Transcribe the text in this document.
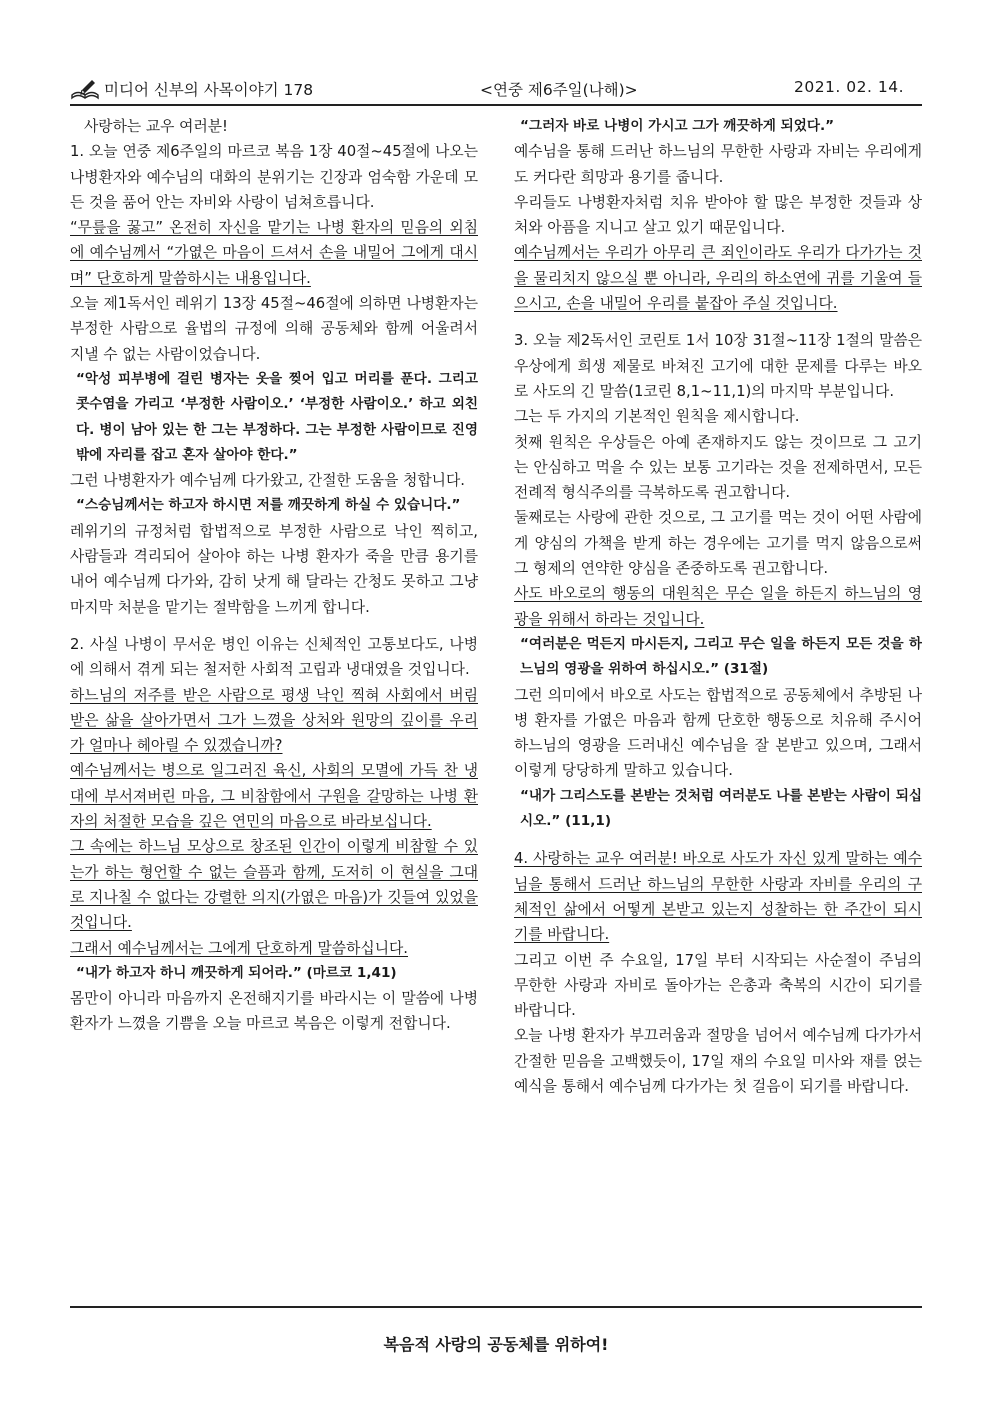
미디어 신부의 사목이야기 178	<연중 제6주일(나해)>	2021. 02. 14.

사랑하는 교우 여러분!

1. 오늘 연중 제6주일의 마르코 복음 1장 40절~45절에 나오는 나병환자와 예수님의 대화의 분위기는 긴장과 엄숙함 가운데 모든 것을 품어 안는 자비와 사랑이 넘쳐흐릅니다.

“무릎을 꿇고” 온전히 자신을 맡기는 나병 환자의 믿음의 외침에 예수님께서 “가엾은 마음이 드셔서 손을 내밀어 그에게 대시며” 단호하게 말씀하시는 내용입니다.

오늘 제1독서인 레위기 13장 45절~46절에 의하면 나병환자는 부정한 사람으로 율법의 규정에 의해 공동체와 함께 어울려서 지낼 수 없는 사람이었습니다.

“악성 피부병에 걸린 병자는 옷을 찢어 입고 머리를 푼다. 그리고 콧수염을 가리고 ‘부정한 사람이오.’ ‘부정한 사람이오.’ 하고 외친다. 병이 남아 있는 한 그는 부정하다. 그는 부정한 사람이므로 진영 밖에 자리를 잡고 혼자 살아야 한다.”

그런 나병환자가 예수님께 다가왔고, 간절한 도움을 청합니다.

“스승님께서는 하고자 하시면 저를 깨끗하게 하실 수 있습니다.”

레위기의 규정처럼 합법적으로 부정한 사람으로 낙인 찍히고, 사람들과 격리되어 살아야 하는 나병 환자가 죽을 만큼 용기를 내어 예수님께 다가와, 감히 낫게 해 달라는 간청도 못하고 그냥 마지막 처분을 맡기는 절박함을 느끼게 합니다.

2. 사실 나병이 무서운 병인 이유는 신체적인 고통보다도, 나병에 의해서 겪게 되는 철저한 사회적 고립과 냉대였을 것입니다.

하느님의 저주를 받은 사람으로 평생 낙인 찍혀 사회에서 버림받은 삶을 살아가면서 그가 느꼈을 상처와 원망의 깊이를 우리가 얼마나 헤아릴 수 있겠습니까?

예수님께서는 병으로 일그러진 육신, 사회의 모멸에 가득 찬 냉대에 부서져버린 마음, 그 비참함에서 구원을 갈망하는 나병 환자의 처절한 모습을 깊은 연민의 마음으로 바라보십니다.

그 속에는 하느님 모상으로 창조된 인간이 이렇게 비참할 수 있는가 하는 형언할 수 없는 슬픔과 함께, 도저히 이 현실을 그대로 지나칠 수 없다는 강렬한 의지(가엾은 마음)가 깃들여 있었을 것입니다.

그래서 예수님께서는 그에게 단호하게 말씀하십니다.

“내가 하고자 하니 깨끗하게 되어라.” (마르코 1,41)

몸만이 아니라 마음까지 온전해지기를 바라시는 이 말씀에 나병환자가 느꼈을 기쁨을 오늘 마르코 복음은 이렇게 전합니다.

“그러자 바로 나병이 가시고 그가 깨끗하게 되었다.”

예수님을 통해 드러난 하느님의 무한한 사랑과 자비는 우리에게도 커다란 희망과 용기를 줍니다.

우리들도 나병환자처럼 치유 받아야 할 많은 부정한 것들과 상처와 아픔을 지니고 살고 있기 때문입니다.

예수님께서는 우리가 아무리 큰 죄인이라도 우리가 다가가는 것을 물리치지 않으실 뿐 아니라, 우리의 하소연에 귀를 기울여 들으시고, 손을 내밀어 우리를 붙잡아 주실 것입니다.

3. 오늘 제2독서인 코린토 1서 10장 31절~11장 1절의 말씀은 우상에게 희생 제물로 바쳐진 고기에 대한 문제를 다루는 바오로 사도의 긴 말씀(1코린 8,1~11,1)의 마지막 부분입니다.

그는 두 가지의 기본적인 원칙을 제시합니다.

첫째 원칙은 우상들은 아예 존재하지도 않는 것이므로 그 고기는 안심하고 먹을 수 있는 보통 고기라는 것을 전제하면서, 모든 전례적 형식주의를 극복하도록 권고합니다.

둘째로는 사랑에 관한 것으로, 그 고기를 먹는 것이 어떤 사람에게 양심의 가책을 받게 하는 경우에는 고기를 먹지 않음으로써 그 형제의 연약한 양심을 존중하도록 권고합니다.

사도 바오로의 행동의 대원칙은 무슨 일을 하든지 하느님의 영광을 위해서 하라는 것입니다.

“여러분은 먹든지 마시든지, 그리고 무슨 일을 하든지 모든 것을 하느님의 영광을 위하여 하십시오.” (31절)

그런 의미에서 바오로 사도는 합법적으로 공동체에서 추방된 나병 환자를 가엾은 마음과 함께 단호한 행동으로 치유해 주시어 하느님의 영광을 드러내신 예수님을 잘 본받고 있으며, 그래서 이렇게 당당하게 말하고 있습니다.

“내가 그리스도를 본받는 것처럼 여러분도 나를 본받는 사람이 되십시오.” (11,1)

4. 사랑하는 교우 여러분! 바오로 사도가 자신 있게 말하는 예수님을 통해서 드러난 하느님의 무한한 사랑과 자비를 우리의 구체적인 삶에서 어떻게 본받고 있는지 성찰하는 한 주간이 되시기를 바랍니다.

그리고 이번 주 수요일, 17일 부터 시작되는 사순절이 주님의 무한한 사랑과 자비로 돌아가는 은총과 축복의 시간이 되기를 바랍니다.

오늘 나병 환자가 부끄러움과 절망을 넘어서 예수님께 다가가서 간절한 믿음을 고백했듯이, 17일 재의 수요일 미사와 재를 얹는 예식을 통해서 예수님께 다가가는 첫 걸음이 되기를 바랍니다.

복음적 사랑의 공동체를 위하여!
